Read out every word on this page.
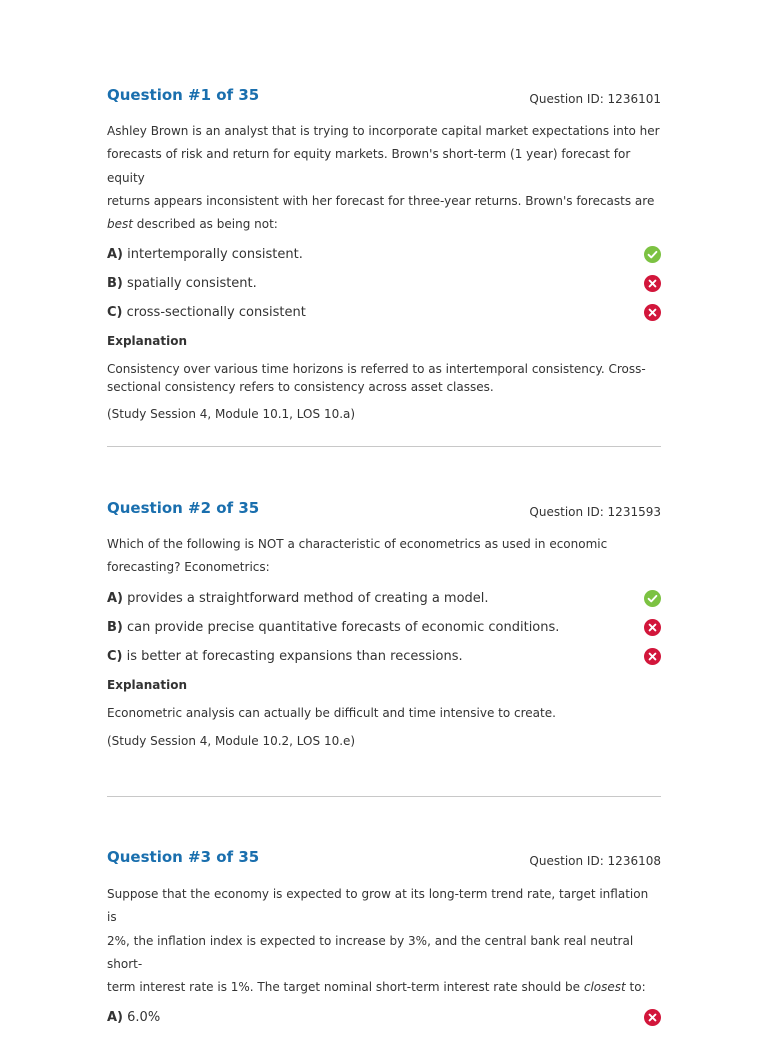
Question #1 of 35	Question ID: 1236101
Ashley Brown is an analyst that is trying to incorporate capital market expectations into her
forecasts of risk and return for equity markets. Brown's short-term (1 year) forecast for equity
returns appears inconsistent with her forecast for three-year returns. Brown's forecasts are
best described as being not:
A) intertemporally consistent.
B) spatially consistent.
C) cross-sectionally consistent
Explanation
Consistency over various time horizons is referred to as intertemporal consistency. Cross-
sectional consistency refers to consistency across asset classes.
(Study Session 4, Module 10.1, LOS 10.a)
Question #2 of 35	Question ID: 1231593
Which of the following is NOT a characteristic of econometrics as used in economic
forecasting? Econometrics:
A) provides a straightforward method of creating a model.
B) can provide precise quantitative forecasts of economic conditions.
C) is better at forecasting expansions than recessions.
Explanation
Econometric analysis can actually be difficult and time intensive to create.
(Study Session 4, Module 10.2, LOS 10.e)
Question #3 of 35	Question ID: 1236108
Suppose that the economy is expected to grow at its long-term trend rate, target inflation is
2%, the inflation index is expected to increase by 3%, and the central bank real neutral short-
term interest rate is 1%. The target nominal short-term interest rate should be closest to:
A) 6.0%
